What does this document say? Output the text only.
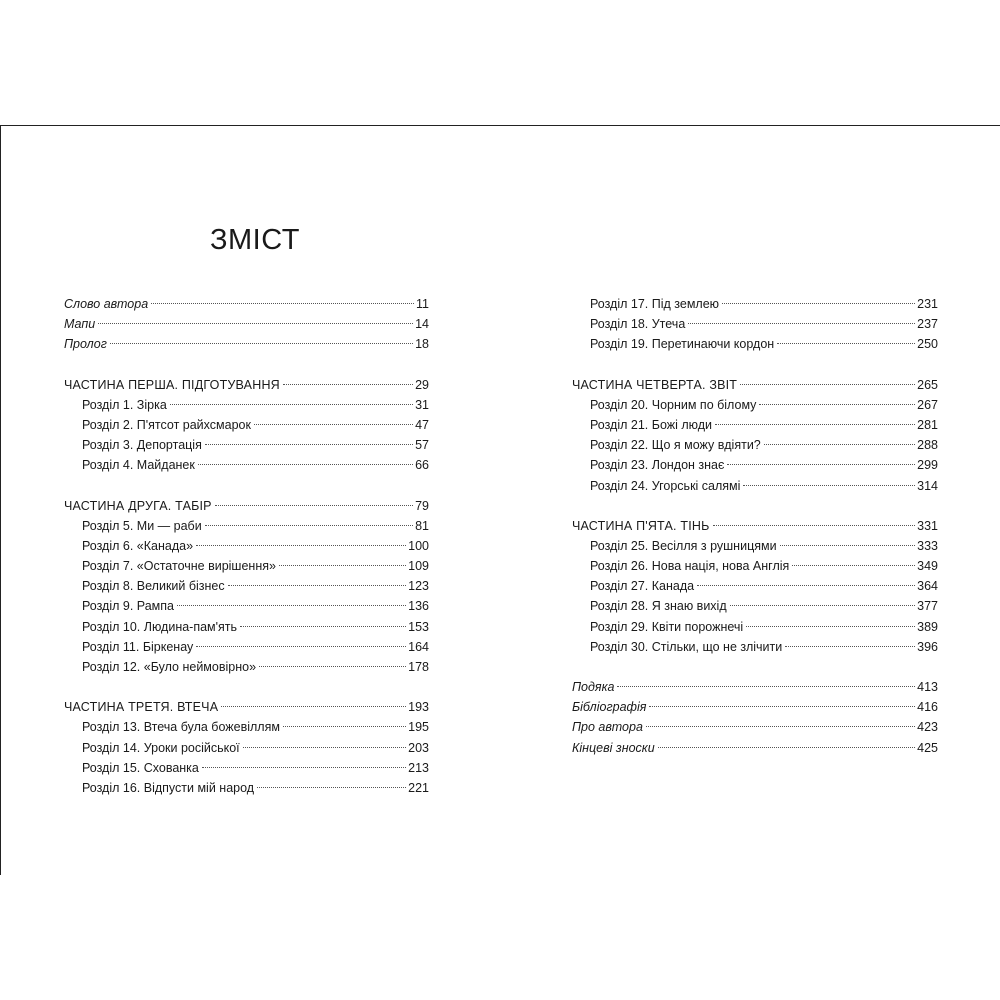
ЗМІСТ
Слово автора	11
Мапи	14
Пролог	18
ЧАСТИНА ПЕРША. ПІДГОТУВАННЯ	29
Розділ 1. Зірка	31
Розділ 2. П'ятсот райхсмарок	47
Розділ 3. Депортація	57
Розділ 4. Майданек	66
ЧАСТИНА ДРУГА. ТАБІР	79
Розділ 5. Ми — раби	81
Розділ 6. «Канада»	100
Розділ 7. «Остаточне вирішення»	109
Розділ 8. Великий бізнес	123
Розділ 9. Рампа	136
Розділ 10. Людина-пам'ять	153
Розділ 11. Біркенау	164
Розділ 12. «Було неймовірно»	178
ЧАСТИНА ТРЕТЯ. ВТЕЧА	193
Розділ 13. Втеча була божевіллям	195
Розділ 14. Уроки російської	203
Розділ 15. Схованка	213
Розділ 16. Відпусти мій народ	221
Розділ 17. Під землею	231
Розділ 18. Утеча	237
Розділ 19. Перетинаючи кордон	250
ЧАСТИНА ЧЕТВЕРТА. ЗВІТ	265
Розділ 20. Чорним по білому	267
Розділ 21. Божі люди	281
Розділ 22. Що я можу вдіяти?	288
Розділ 23. Лондон знає	299
Розділ 24. Угорські салямі	314
ЧАСТИНА П'ЯТА. ТІНЬ	331
Розділ 25. Весілля з рушницями	333
Розділ 26. Нова нація, нова Англія	349
Розділ 27. Канада	364
Розділ 28. Я знаю вихід	377
Розділ 29. Квіти порожнечі	389
Розділ 30. Стільки, що не злічити	396
Подяка	413
Бібліографія	416
Про автора	423
Кінцеві зноски	425
